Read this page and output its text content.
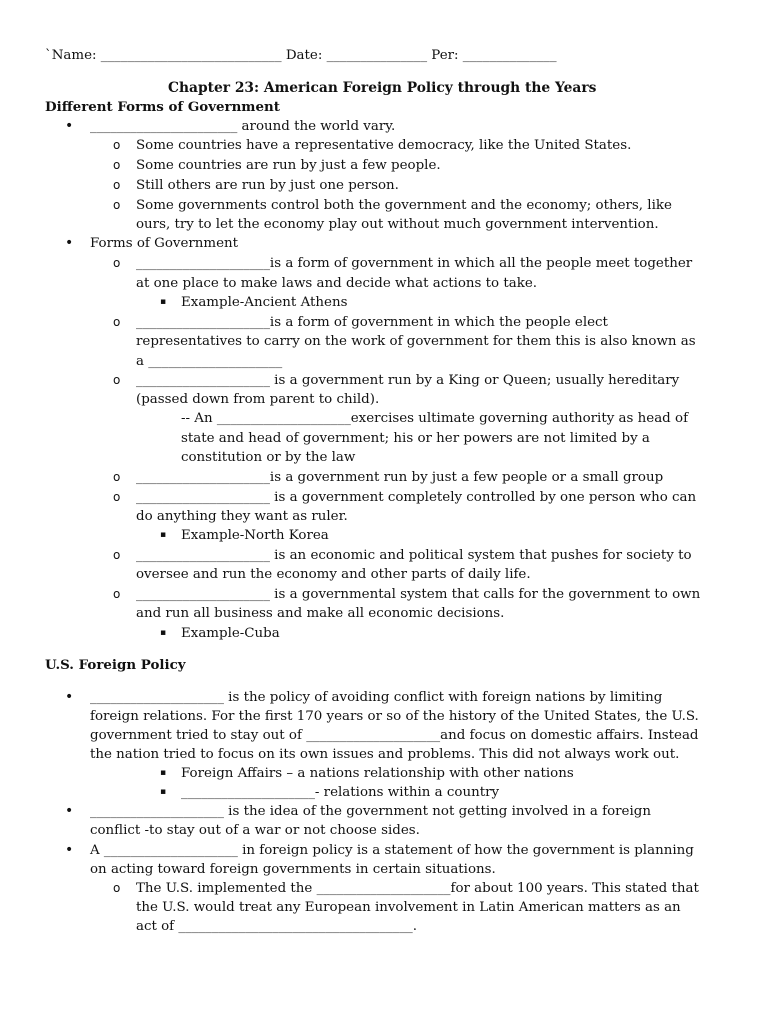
`Name: ___________________________ Date: _______________ Per: ______________
Chapter 23: American Foreign Policy through the Years
Different Forms of Government
• ______________________ around the world vary.
o Some countries have a representative democracy, like the United States.
o Some countries are run by just a few people.
o Still others are run by just one person.
o Some governments control both the government and the economy; others, like
ours, try to let the economy play out without much government intervention.
• Forms of Government
o ____________________is a form of government in which all the people meet together
at one place to make laws and decide what actions to take.
▪ Example-Ancient Athens
o ____________________is a form of government in which the people elect
representatives to carry on the work of government for them this is also known as
a ____________________
o ____________________ is a government run by a King or Queen; usually hereditary
(passed down from parent to child).
-- An ____________________exercises ultimate governing authority as head of
state and head of government; his or her powers are not limited by a
constitution or by the law
o ____________________is a government run by just a few people or a small group
o ____________________ is a government completely controlled by one person who can
do anything they want as ruler.
▪ Example-North Korea
o ____________________ is an economic and political system that pushes for society to
oversee and run the economy and other parts of daily life.
o ____________________ is a governmental system that calls for the government to own
and run all business and make all economic decisions.
▪ Example-Cuba
U.S. Foreign Policy
• ____________________ is the policy of avoiding conflict with foreign nations by limiting
foreign relations. For the first 170 years or so of the history of the United States, the U.S.
government tried to stay out of ____________________and focus on domestic affairs. Instead
the nation tried to focus on its own issues and problems. This did not always work out.
▪ Foreign Affairs – a nations relationship with other nations
▪ ____________________- relations within a country
• ____________________ is the idea of the government not getting involved in a foreign
conflict -to stay out of a war or not choose sides.
• A ____________________ in foreign policy is a statement of how the government is planning
on acting toward foreign governments in certain situations.
o The U.S. implemented the ____________________for about 100 years. This stated that
the U.S. would treat any European involvement in Latin American matters as an
act of ___________________________________.
